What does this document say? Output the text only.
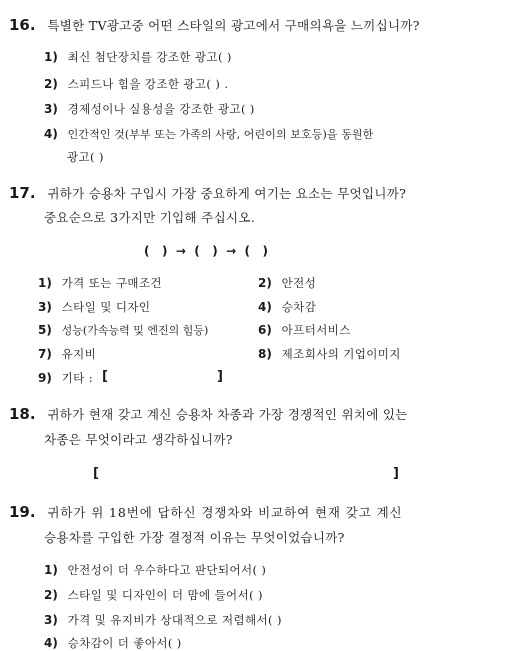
16. 특별한 TV광고중 어떤 스타일의 광고에서 구매의욕을 느끼십니까?
1) 최신 첨단장치를 강조한 광고( )
2) 스피드나 힘을 강조한 광고( ) .
3) 경제성이나 실용성을 강조한 광고( )
4) 인간적인 것(부부 또는 가족의 사랑, 어린이의 보호등)을 동원한
광고( )
17. 귀하가 승용차 구입시 가장 중요하게 여기는 요소는 무엇입니까?
중요순으로 3가지만 기입해 주십시오.
(   )  →  (   )  →  (   )
1) 가격 또는 구매조건	2) 안전성
3) 스타일 및 디자인	4) 승차감
5) 성능(가속능력 및 엔진의 힘등)	6) 아프터서비스
7) 유지비	8) 제조회사의 기업이미지
9) 기타 : [	]
18. 귀하가 현재 갖고 계신 승용차 차종과 가장 경쟁적인 위치에 있는
차종은 무엇이라고 생각하십니까?
[	]
19. 귀하가 위 18번에 답하신 경쟁차와 비교하여 현재 갖고 계신
승용차를 구입한 가장 결정적 이유는 무엇이었습니까?
1) 안전성이 더 우수하다고 판단되어서( )
2) 스타일 및 디자인이 더 맘에 들어서( )
3) 가격 및 유지비가 상대적으로 저렴해서( )
4) 승차감이 더 좋아서( )
